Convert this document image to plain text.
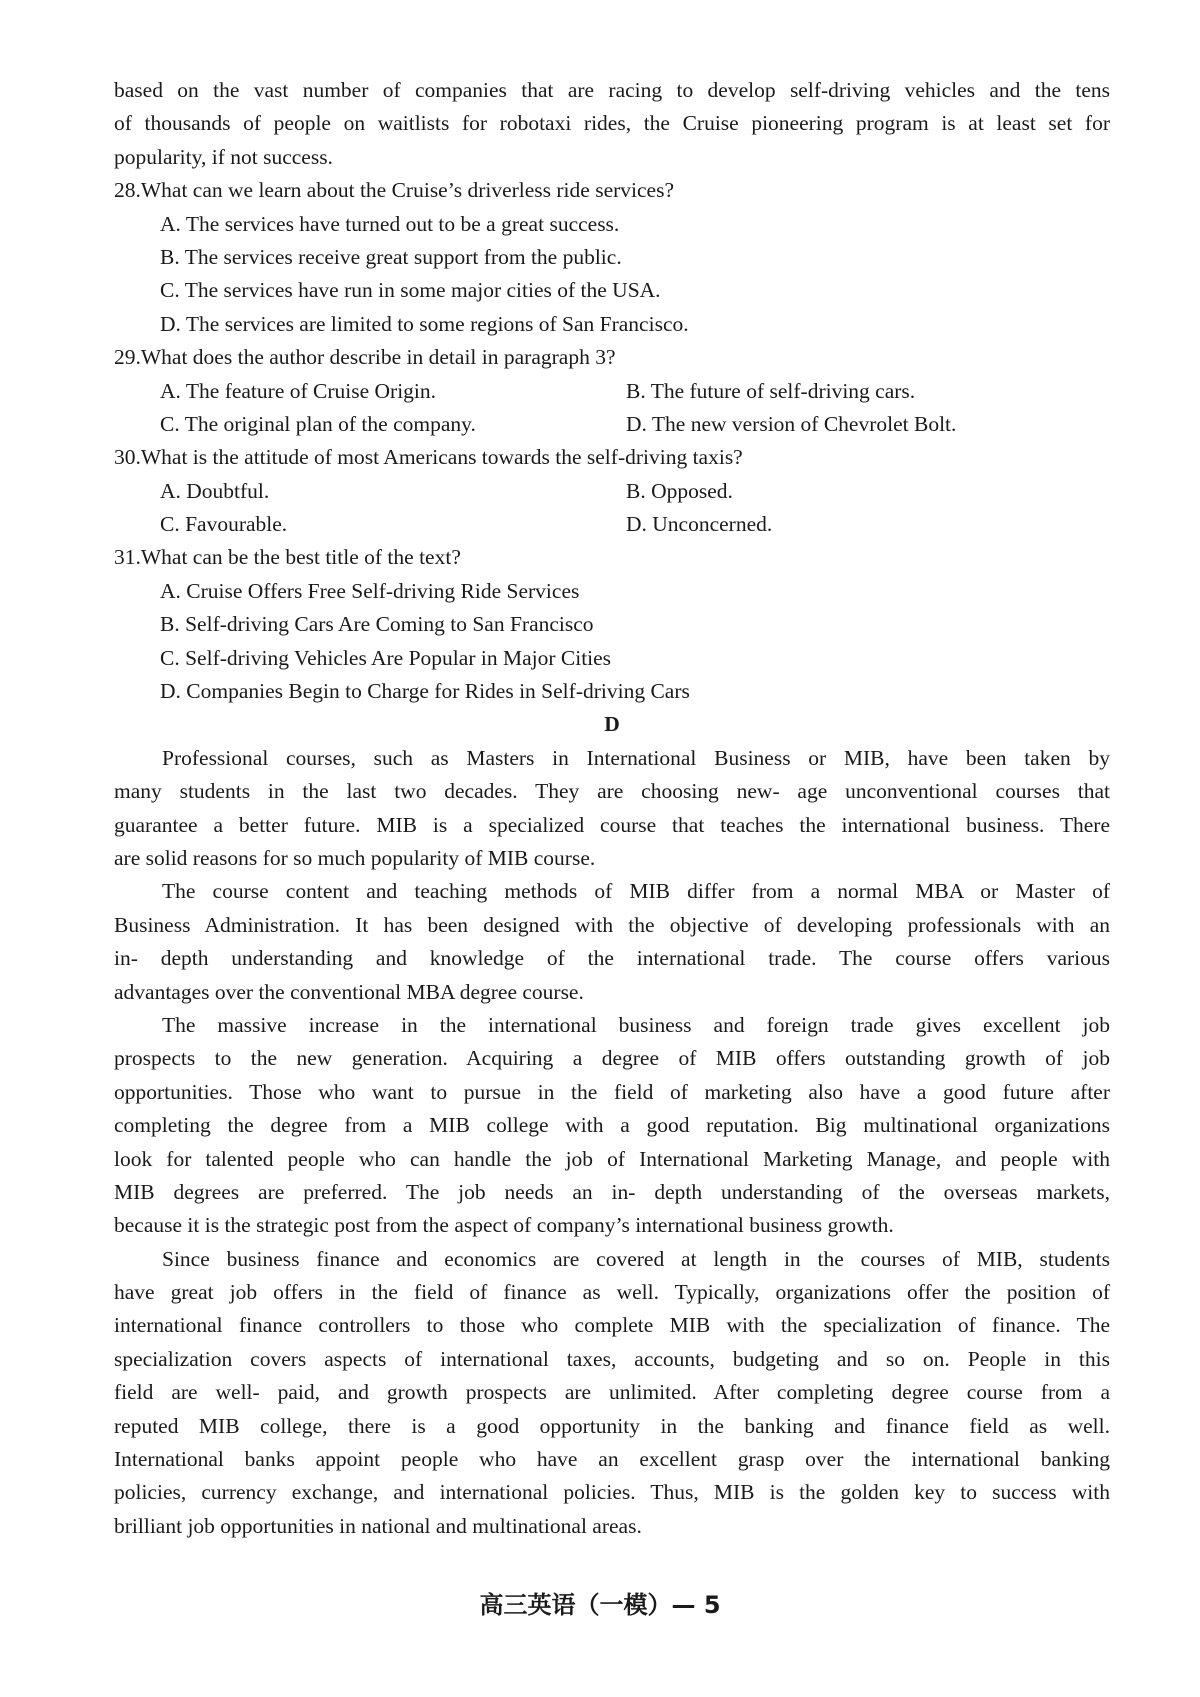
based on the vast number of companies that are racing to develop self-driving vehicles and the tens
of thousands of people on waitlists for robotaxi rides, the Cruise pioneering program is at least set for
popularity, if not success.
28.What can we learn about the Cruise’s driverless ride services?
A. The services have turned out to be a great success.
B. The services receive great support from the public.
C. The services have run in some major cities of the USA.
D. The services are limited to some regions of San Francisco.
29.What does the author describe in detail in paragraph 3?
A. The feature of Cruise Origin.	B. The future of self-driving cars.
C. The original plan of the company.	D. The new version of Chevrolet Bolt.
30.What is the attitude of most Americans towards the self-driving taxis?
A. Doubtful.	B. Opposed.
C. Favourable.	D. Unconcerned.
31.What can be the best title of the text?
A. Cruise Offers Free Self-driving Ride Services
B. Self-driving Cars Are Coming to San Francisco
C. Self-driving Vehicles Are Popular in Major Cities
D. Companies Begin to Charge for Rides in Self-driving Cars
D
Professional courses, such as Masters in International Business or MIB, have been taken by
many students in the last two decades. They are choosing new- age unconventional courses that
guarantee a better future. MIB is a specialized course that teaches the international business. There
are solid reasons for so much popularity of MIB course.
The course content and teaching methods of MIB differ from a normal MBA or Master of
Business Administration. It has been designed with the objective of developing professionals with an
in- depth understanding and knowledge of the international trade. The course offers various
advantages over the conventional MBA degree course.
The massive increase in the international business and foreign trade gives excellent job
prospects to the new generation. Acquiring a degree of MIB offers outstanding growth of job
opportunities. Those who want to pursue in the field of marketing also have a good future after
completing the degree from a MIB college with a good reputation. Big multinational organizations
look for talented people who can handle the job of International Marketing Manage, and people with
MIB degrees are preferred. The job needs an in- depth understanding of the overseas markets,
because it is the strategic post from the aspect of company’s international business growth.
Since business finance and economics are covered at length in the courses of MIB, students
have great job offers in the field of finance as well. Typically, organizations offer the position of
international finance controllers to those who complete MIB with the specialization of finance. The
specialization covers aspects of international taxes, accounts, budgeting and so on. People in this
field are well- paid, and growth prospects are unlimited. After completing degree course from a
reputed MIB college, there is a good opportunity in the banking and finance field as well.
International banks appoint people who have an excellent grasp over the international banking
policies, currency exchange, and international policies. Thus, MIB is the golden key to success with
brilliant job opportunities in national and multinational areas.
高三英语（一模）— 5
